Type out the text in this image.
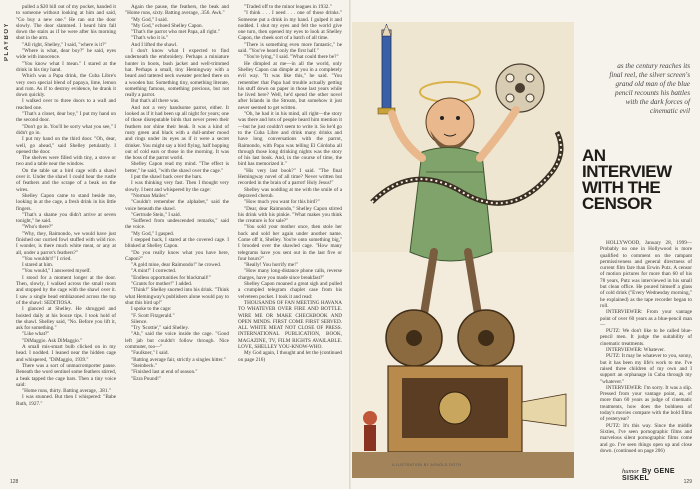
PLAYBOY

pulled a $20 bill out of my pocket, handed it to someone without looking at him and said, "Go buy a new one." He ran out the door slowly. The door slammed. I heard him fall down the stairs as if he were after his morning shot in the arm.

"All right, Shelley," I said, "where is it?"

"Where is what, dear boy?" he said, eyes wide with innocence.

"You know what I mean." I stared at the drink in his tiny hand.

Which was a Papa drink, the Cuba Libre's very own special blend of papaya, lime, lemon and rum. As if to destroy evidence, he drank it down quickly.

I walked over to three doors to a wall and reached one.

"That's a closet, dear boy," I put my hand on the second door.

"Don't go in. You'll be sorry what you see," I didn't go in.

I put my hand on the third door. "Oh, dear, well, go ahead," said Shelley petulantly. I opened the door.

The shelves were filled with tiny, a stove or two and a table near the window.

On the table sat a bird cage with a shawl over it. Under the shawl I could hear the rustle of feathers and the scrape of a beak on the wires.

Shelley Capon came to stand beside me, looking in at the cage, a fresh drink in his little fingers.

"That's a shame you didn't arrive at seven tonight," he said.

"Who's there?"

"Why, they, Raimondo, we would have just finished our curried fowl stuffed with wild rice. I wonder, is there much white meat, or any at all, under a parrot's feathers?"

"You wouldn't!" I cried.

I stared at him.

"You would," I answered myself.

I stood for a moment longer at the door. Then, slowly, I walked across the small room and stopped by the cage with the shawl over it. I saw a single bead emblazoned across the top of the shawl: SEDITIOSA.

I glanced at Shelley. He shrugged and hoisted daily at his booze tips. I took hold of the shawl. Shelley said, "No. Before you lift it, ask for something."

"Like what?"

"DiMaggio. Ask DiMaggio."

A small mis-smart bulb clicked on in my head. I nodded. I leaned near the hidden cage and whispered, "DiMaggio, 1939."

There was a sort of unmacromporter pause. Beneath the word sentinel some feathers stirred, a beak tapped the cage bars. Then a tiny voice said:

"Home runs, thirty. Batting average, .381."

I was stunned. But then I whispered: "Babe Ruth, 1927."

Again the pause, the feathers, the beak and "Home runs, sixty. Batting average, .356. Awk."

"My God," I said.

"My God," echoed Shelley Capon.

"That's the parrot who met Papa, all right."

"That's who it is."

And I lifted the shawl.

I don't know what I expected to find underneath the embroidery. Perhaps a miniature hunter in boots, bush jacket and well-trimmed hat. Perhaps a small, tiny Hemingway with a beard and tattered neck sweater perched there on a wooden bar. Something tiny, something literate, something famous, something precious, but not really a parrot.

But that's all there was.

And not a very handsome parrot, either. It looked as if it had been up all night for years; one of those disreputable birds that never preen their feathers nor shine their beak. It was a kind of rusty green and black with a dull-amber mood and rings under its eyes as if it were a secret drinker. You might say a bird flying, half hopping out of cold ears or those in the morning. It was the boss of the parrot world.

Shelley Capon read my mind. "The effect is better," he said, "with the shawl over the cage."

I put the shawl back over the bars.

I was thinking very fast. Then I thought very slowly. I bent and whispered by the cage:

"Norman Mailer."

"Couldn't remember the alphabet," said the voice beneath the shawl.

"Gertrude Stein," I said.

"Suffered from undescended remarks," said the voice.

"My God," I gasped.

I stepped back, I stared at the covered cage. I blinked at Shelley Capon.

"Do you really know what you have here, Capon?"

"A gold mine, dear Raimondo!" he crowed.

"A mint!" I corrected.

"Endless opportunities for blackmail!"

"Grants for mother!" I added.

"Think!" Shelley snorted into his drink. "Think what Hemingway's publishers alone would pay to shut this bird up!"

I spoke to the cage:

"F. Scott Fitzgerald."

Silence.

"Try 'Scottie'," said Shelley.

"Ah," said the voice inside the cage. "Good left jab but couldn't follow through. Nice commuter, too—"

"Faulkner," I said.

"Batting average fair, strictly a singles hitter."

"Steinbeck."

"Finished last at end of season."

"Ezra Pound!"

"Traded off to the minor leagues in 1932."

"I think . . . I need . . . one of those drinks." Someone put a drink in my hand. I gulped it and nodded. I shut my eyes and felt the world give one turn, then opened my eyes to look at Shelley Capon, the cheek sort of a batch of all time.

"There is something even more fantastic," he said. "You've heard only the first half."

"You're lying," I said. "What could there be?"

He dimpled at me—in all the world, only Shelley Capon can dimple at you in a completely evil way. "It was like this," he said. "You remember that Papa had trouble actually getting his stuff down on paper in those last years while he lived here? Well, he'd spend the other novel after Islands in the Stream, but somehow it just never seemed to get written.

"Oh, he had it in his mind, all right—the story was there and lots of people heard him mention it—but he just couldn't seem to write it. So he'd go to the Cuba Libre and drink many drinks and have long conversations with the parrot, Raimondo, with Papa was telling El Córdoba all through those long drinking nights was the story of his last book. And, in the course of time, the bird has memorized it."

"His very last book?" I said. "The final Hemingway novel of all time? Never written but recorded in the brain of a parrot! Holy Jesus!"

Shelley was nodding at me with the smile of a depraved cherub.

"How much you want for this bird?"

"Dear, dear Raimondo," Shelley Capon stirred his drink with his pinkie. "What makes you think the creature is for sale?"

"You sold your mother once, then stole her back and sold her again under another name. Come off it, Shelley. You're onto something big," I brooded over the shawled cage. "How many telegrams have you sent out in the last five or four hours?"

"Really! You horrify me!"

"How many long-distance phone calls, reverse charges, have you made since breakfast?"

Shelley Capon moaned a great sigh and pulled a crumpled telegram chaplet case from his velveteen pocket. I took it and read:

THOUSANDS OF FAN MEETING HAVANA TO WHATEVER OVER FIRE AND BOTTLE. WIRE ME OR MAKE CHECKBOOK AND OPEN MINDS. FIRST COME FIRST SERVED. ALL WHITE MEAT NOT CLOSE OF PRESS. INTERNATIONAL PUBLICATION, BOOK, MAGAZINE, TV, FILM RIGHTS AVAILABLE. LOVE, SHELLEY YOU-KNOW-WHO.

My God again, I thought and let the (continued on page 216)

128
ILLUSTRATION BY ARNOLD ROTH
as the century reaches its final reel, the silver screen's grand old man of the blue pencil recounts his battles with the dark forces of cinematic evil
AN
INTERVIEW
WITH THE
CENSOR

HOLLYWOOD, January 28, 1999—Probably no one in Hollywood is more qualified to comment on the rampant permissiveness and general directness of current film fare than Erwin Putz. A censor of motion pictures for more than 60 of his 78 years, Putz was interviewed in his small but clean office. He poured himself a glass of cold drink ("Every Wednesday morning," he explained) as the tape recorder began to roll.

INTERVIEWER: From your vantage point of over 60 years as a blue-pencil man—

PUTZ: We don't like to be called blue-pencil men. It judge the suitability of cinematic treatments.

INTERVIEWER: Whatever.

PUTZ: It may be whatever to you, sonny, but it has been my life's work to me. I've raised three children of my own and I support an orphanage in Cuba through my "whatever."

INTERVIEWER: I'm sorry. It was a slip. Pressed from your vantage point, as, of more than 60 years as judge of cinematic treatments, how does the boldness of today's movies compare with the bold films of yesteryear?

PUTZ: It's this way. Since the middle Sixties, I've seen pornographic films and marvelous silent pornographic films come and go. I've seen things open up and close down. (continued on page 206)

humor By GENE SISKEL	129
